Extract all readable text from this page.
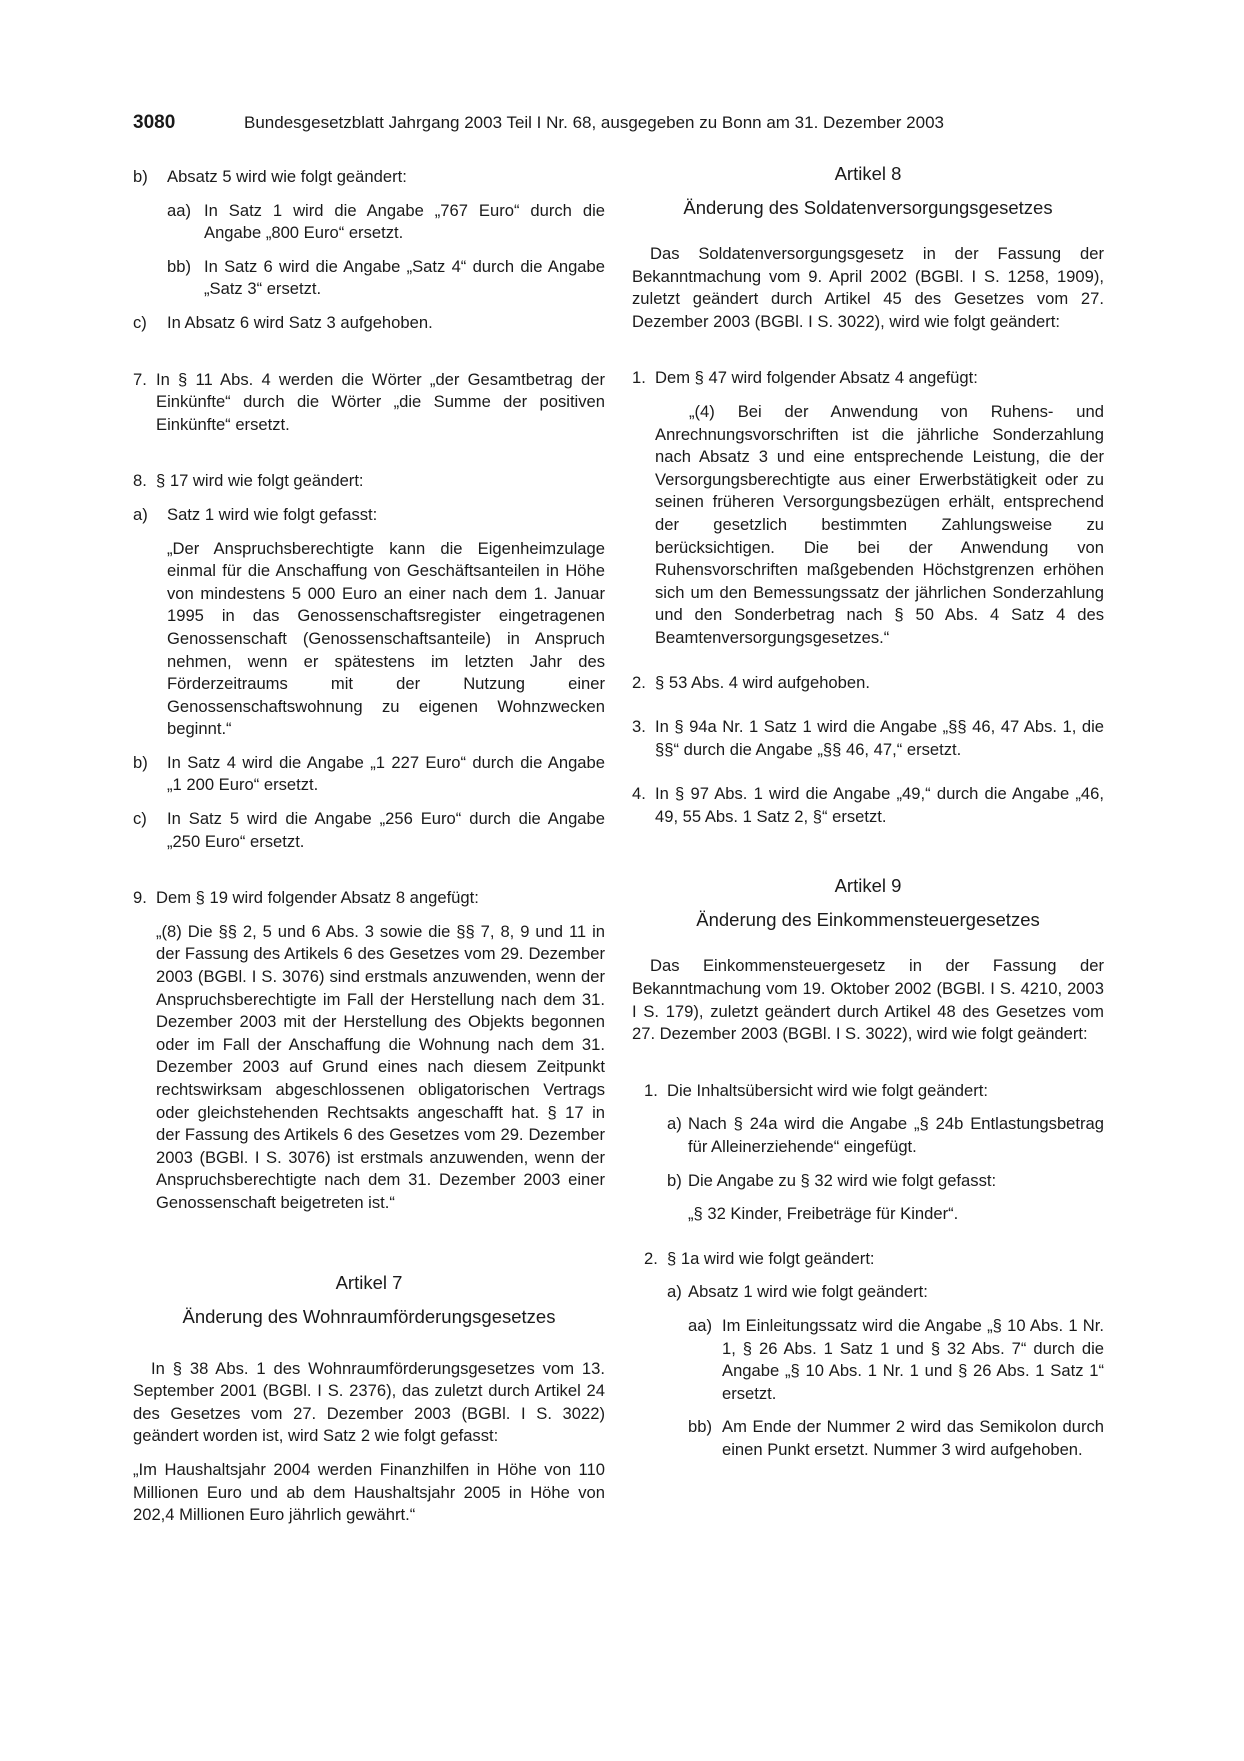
3080	Bundesgesetzblatt Jahrgang 2003 Teil I Nr. 68, ausgegeben zu Bonn am 31. Dezember 2003
b) Absatz 5 wird wie folgt geändert:

aa) In Satz 1 wird die Angabe „767 Euro“ durch die Angabe „800 Euro“ ersetzt.

bb) In Satz 6 wird die Angabe „Satz 4“ durch die Angabe „Satz 3“ ersetzt.

c) In Absatz 6 wird Satz 3 aufgehoben.

7. In § 11 Abs. 4 werden die Wörter „der Gesamtbetrag der Einkünfte“ durch die Wörter „die Summe der positiven Einkünfte“ ersetzt.

8. § 17 wird wie folgt geändert:

a) Satz 1 wird wie folgt gefasst:

„Der Anspruchsberechtigte kann die Eigenheimzulage einmal für die Anschaffung von Geschäftsanteilen in Höhe von mindestens 5 000 Euro an einer nach dem 1. Januar 1995 in das Genossenschaftsregister eingetragenen Genossenschaft (Genossenschaftsanteile) in Anspruch nehmen, wenn er spätestens im letzten Jahr des Förderzeitraums mit der Nutzung einer Genossenschaftswohnung zu eigenen Wohnzwecken beginnt.“

b) In Satz 4 wird die Angabe „1 227 Euro“ durch die Angabe „1 200 Euro“ ersetzt.

c) In Satz 5 wird die Angabe „256 Euro“ durch die Angabe „250 Euro“ ersetzt.

9. Dem § 19 wird folgender Absatz 8 angefügt:

„(8) Die §§ 2, 5 und 6 Abs. 3 sowie die §§ 7, 8, 9 und 11 in der Fassung des Artikels 6 des Gesetzes vom 29. Dezember 2003 (BGBl. I S. 3076) sind erstmals anzuwenden, wenn der Anspruchsberechtigte im Fall der Herstellung nach dem 31. Dezember 2003 mit der Herstellung des Objekts begonnen oder im Fall der Anschaffung die Wohnung nach dem 31. Dezember 2003 auf Grund eines nach diesem Zeitpunkt rechtswirksam abgeschlossenen obligatorischen Vertrags oder gleichstehenden Rechtsakts angeschafft hat. § 17 in der Fassung des Artikels 6 des Gesetzes vom 29. Dezember 2003 (BGBl. I S. 3076) ist erstmals anzuwenden, wenn der Anspruchsberechtigte nach dem 31. Dezember 2003 einer Genossenschaft beigetreten ist.“

Artikel 7

Änderung des Wohnraumförderungsgesetzes

In § 38 Abs. 1 des Wohnraumförderungsgesetzes vom 13. September 2001 (BGBl. I S. 2376), das zuletzt durch Artikel 24 des Gesetzes vom 27. Dezember 2003 (BGBl. I S. 3022) geändert worden ist, wird Satz 2 wie folgt gefasst:

„Im Haushaltsjahr 2004 werden Finanzhilfen in Höhe von 110 Millionen Euro und ab dem Haushaltsjahr 2005 in Höhe von 202,4 Millionen Euro jährlich gewährt.“

Artikel 8

Änderung des Soldatenversorgungsgesetzes

Das Soldatenversorgungsgesetz in der Fassung der Bekanntmachung vom 9. April 2002 (BGBl. I S. 1258, 1909), zuletzt geändert durch Artikel 45 des Gesetzes vom 27. Dezember 2003 (BGBl. I S. 3022), wird wie folgt geändert:

1. Dem § 47 wird folgender Absatz 4 angefügt:

„(4) Bei der Anwendung von Ruhens- und Anrechnungsvorschriften ist die jährliche Sonderzahlung nach Absatz 3 und eine entsprechende Leistung, die der Versorgungsberechtigte aus einer Erwerbstätigkeit oder zu seinen früheren Versorgungsbezügen erhält, entsprechend der gesetzlich bestimmten Zahlungsweise zu berücksichtigen. Die bei der Anwendung von Ruhensvorschriften maßgebenden Höchstgrenzen erhöhen sich um den Bemessungssatz der jährlichen Sonderzahlung und den Sonderbetrag nach § 50 Abs. 4 Satz 4 des Beamtenversorgungsgesetzes.“

2. § 53 Abs. 4 wird aufgehoben.

3. In § 94a Nr. 1 Satz 1 wird die Angabe „§§ 46, 47 Abs. 1, die §§“ durch die Angabe „§§ 46, 47,“ ersetzt.

4. In § 97 Abs. 1 wird die Angabe „49,“ durch die Angabe „46, 49, 55 Abs. 1 Satz 2, §“ ersetzt.

Artikel 9

Änderung des Einkommensteuergesetzes

Das Einkommensteuergesetz in der Fassung der Bekanntmachung vom 19. Oktober 2002 (BGBl. I S. 4210, 2003 I S. 179), zuletzt geändert durch Artikel 48 des Gesetzes vom 27. Dezember 2003 (BGBl. I S. 3022), wird wie folgt geändert:

1. Die Inhaltsübersicht wird wie folgt geändert:

a) Nach § 24a wird die Angabe „§ 24b Entlastungsbetrag für Alleinerziehende“ eingefügt.

b) Die Angabe zu § 32 wird wie folgt gefasst:

„§ 32 Kinder, Freibeträge für Kinder“.

2. § 1a wird wie folgt geändert:

a) Absatz 1 wird wie folgt geändert:

aa) Im Einleitungssatz wird die Angabe „§ 10 Abs. 1 Nr. 1, § 26 Abs. 1 Satz 1 und § 32 Abs. 7“ durch die Angabe „§ 10 Abs. 1 Nr. 1 und § 26 Abs. 1 Satz 1“ ersetzt.

bb) Am Ende der Nummer 2 wird das Semikolon durch einen Punkt ersetzt. Nummer 3 wird aufgehoben.
